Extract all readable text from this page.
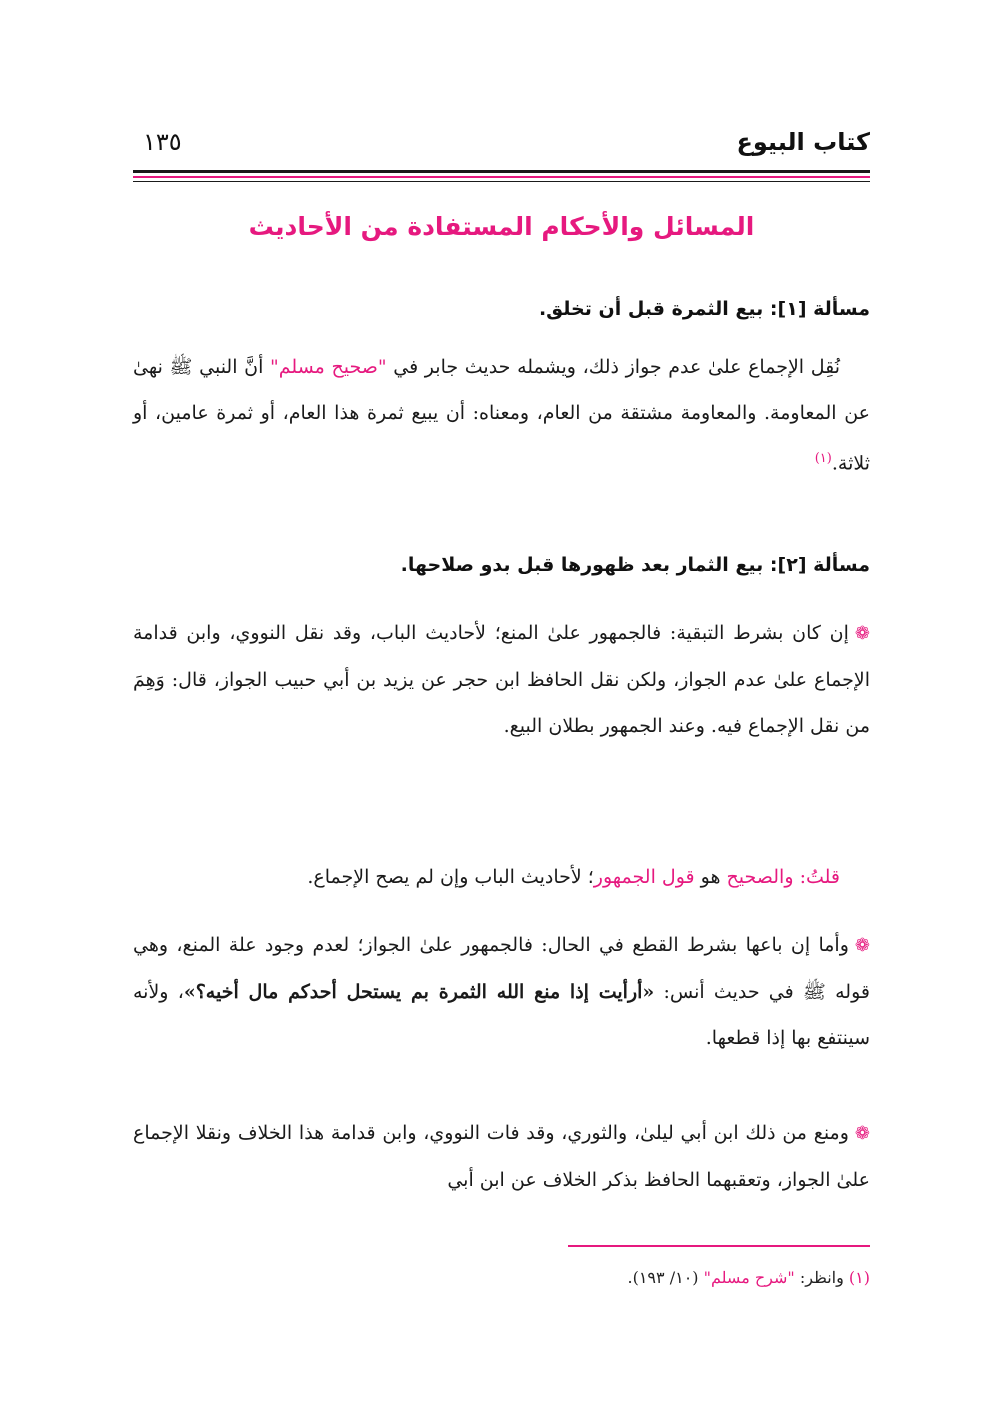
كتاب البيوع
١٣٥
المسائل والأحكام المستفادة من الأحاديث
مسألة [١]: بيع الثمرة قبل أن تخلق.
نُقِل الإجماع علىٰ عدم جواز ذلك، ويشمله حديث جابر في "صحيح مسلم" أنَّ النبي ﷺ نهىٰ عن المعاومة. والمعاومة مشتقة من العام، ومعناه: أن يبيع ثمرة هذا العام، أو ثمرة عامين، أو ثلاثة.$^{(١)}$
مسألة [٢]: بيع الثمار بعد ظهورها قبل بدو صلاحها.
❁إن كان بشرط التبقية: فالجمهور علىٰ المنع؛ لأحاديث الباب، وقد نقل النووي، وابن قدامة الإجماع علىٰ عدم الجواز، ولكن نقل الحافظ ابن حجر عن يزيد بن أبي حبيب الجواز، قال: وَهِمَ من نقل الإجماع فيه. وعند الجمهور بطلان البيع.
قلتُ: والصحيح هو قول الجمهور؛ لأحاديث الباب وإن لم يصح الإجماع.
❁وأما إن باعها بشرط القطع في الحال: فالجمهور علىٰ الجواز؛ لعدم وجود علة المنع، وهي قوله ﷺ في حديث أنس: «أرأيت إذا منع الله الثمرة بم يستحل أحدكم مال أخيه؟»، ولأنه سينتفع بها إذا قطعها.
❁ومنع من ذلك ابن أبي ليلىٰ، والثوري، وقد فات النووي، وابن قدامة هذا الخلاف ونقلا الإجماع علىٰ الجواز، وتعقبهما الحافظ بذكر الخلاف عن ابن أبي
(١) وانظر: "شرح مسلم" (١٠/ ١٩٣).
